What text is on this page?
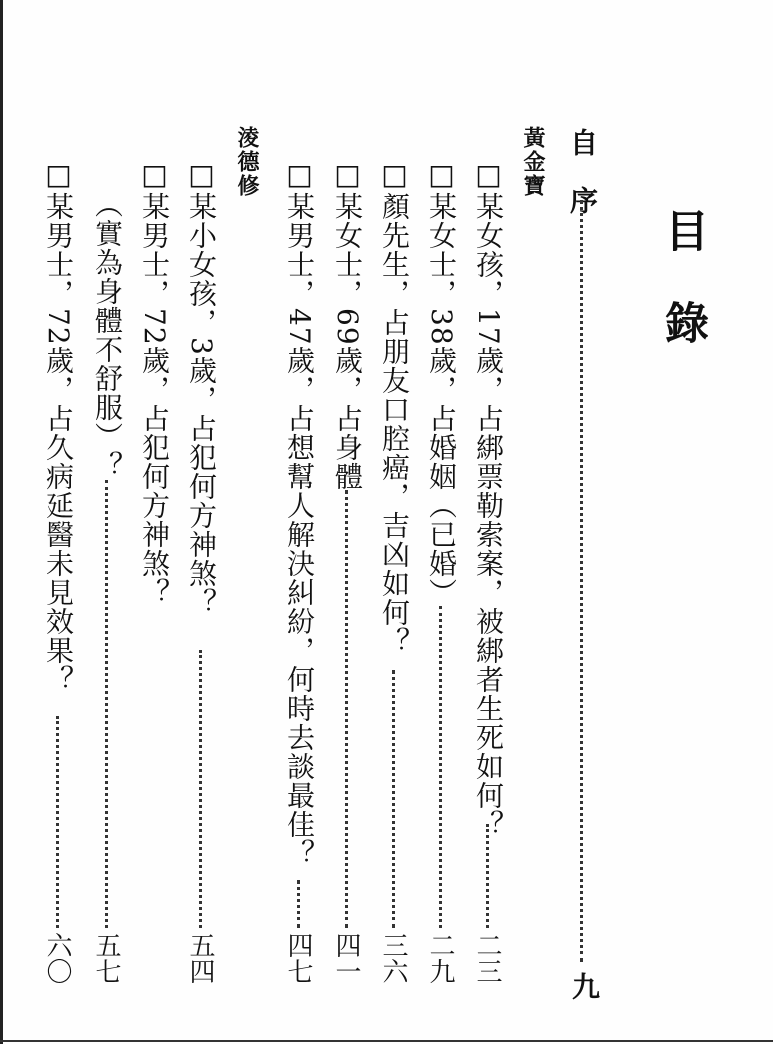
目
錄
自　序
九
黃金寶
□某女孩，17歲，占綁票勒索案，被綁者生死如何？
二三
□某女士，38歲，占婚姻（已婚）
二九
□顏先生，占朋友口腔癌，吉凶如何？
三六
□某女士，69歲，占身體
四一
□某男士，47歲，占想幫人解決糾紛，何時去談最佳？
四七
淩德修
□某小女孩，3歲，占犯何方神煞？
五四
□某男士，72歲，占犯何方神煞？
（實為身體不舒服）？
五七
□某男士，72歲，占久病延醫未見效果？
六〇
